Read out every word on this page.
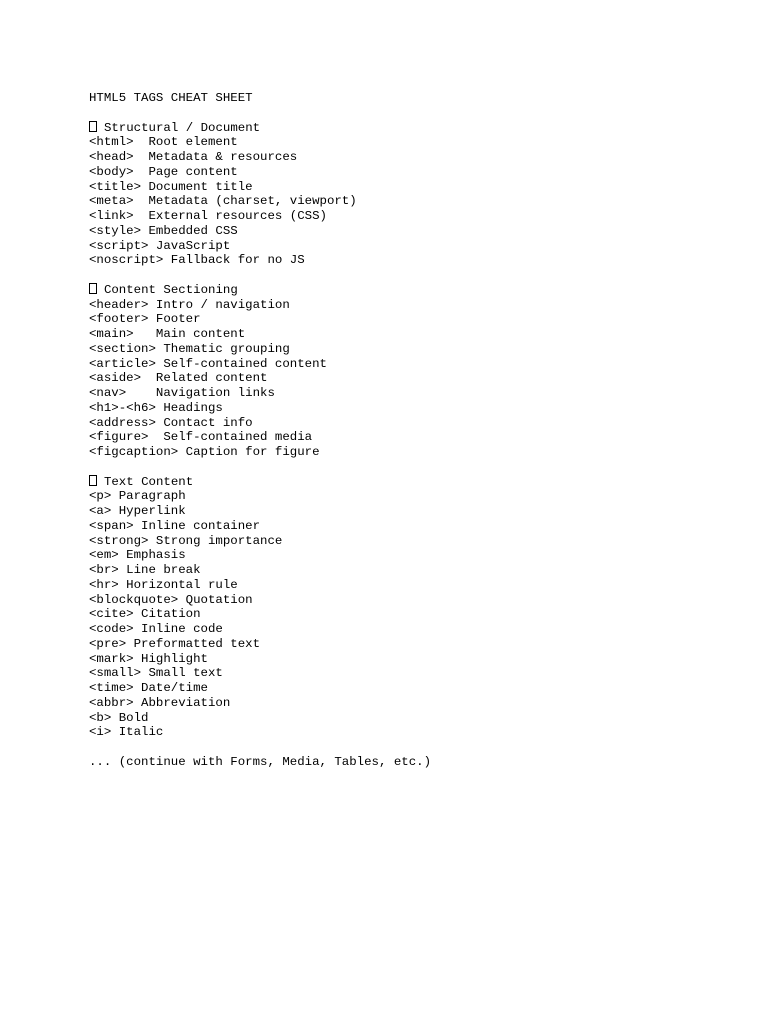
HTML5 TAGS CHEAT SHEET
Structural / Document
<html>  Root element
<head>  Metadata & resources
<body>  Page content
<title> Document title
<meta>  Metadata (charset, viewport)
<link>  External resources (CSS)
<style> Embedded CSS
<script> JavaScript
<noscript> Fallback for no JS
Content Sectioning
<header> Intro / navigation
<footer> Footer
<main>   Main content
<section> Thematic grouping
<article> Self-contained content
<aside>  Related content
<nav>    Navigation links
<h1>-<h6> Headings
<address> Contact info
<figure>  Self-contained media
<figcaption> Caption for figure
Text Content
<p> Paragraph
<a> Hyperlink
<span> Inline container
<strong> Strong importance
<em> Emphasis
<br> Line break
<hr> Horizontal rule
<blockquote> Quotation
<cite> Citation
<code> Inline code
<pre> Preformatted text
<mark> Highlight
<small> Small text
<time> Date/time
<abbr> Abbreviation
<b> Bold
<i> Italic
... (continue with Forms, Media, Tables, etc.)
